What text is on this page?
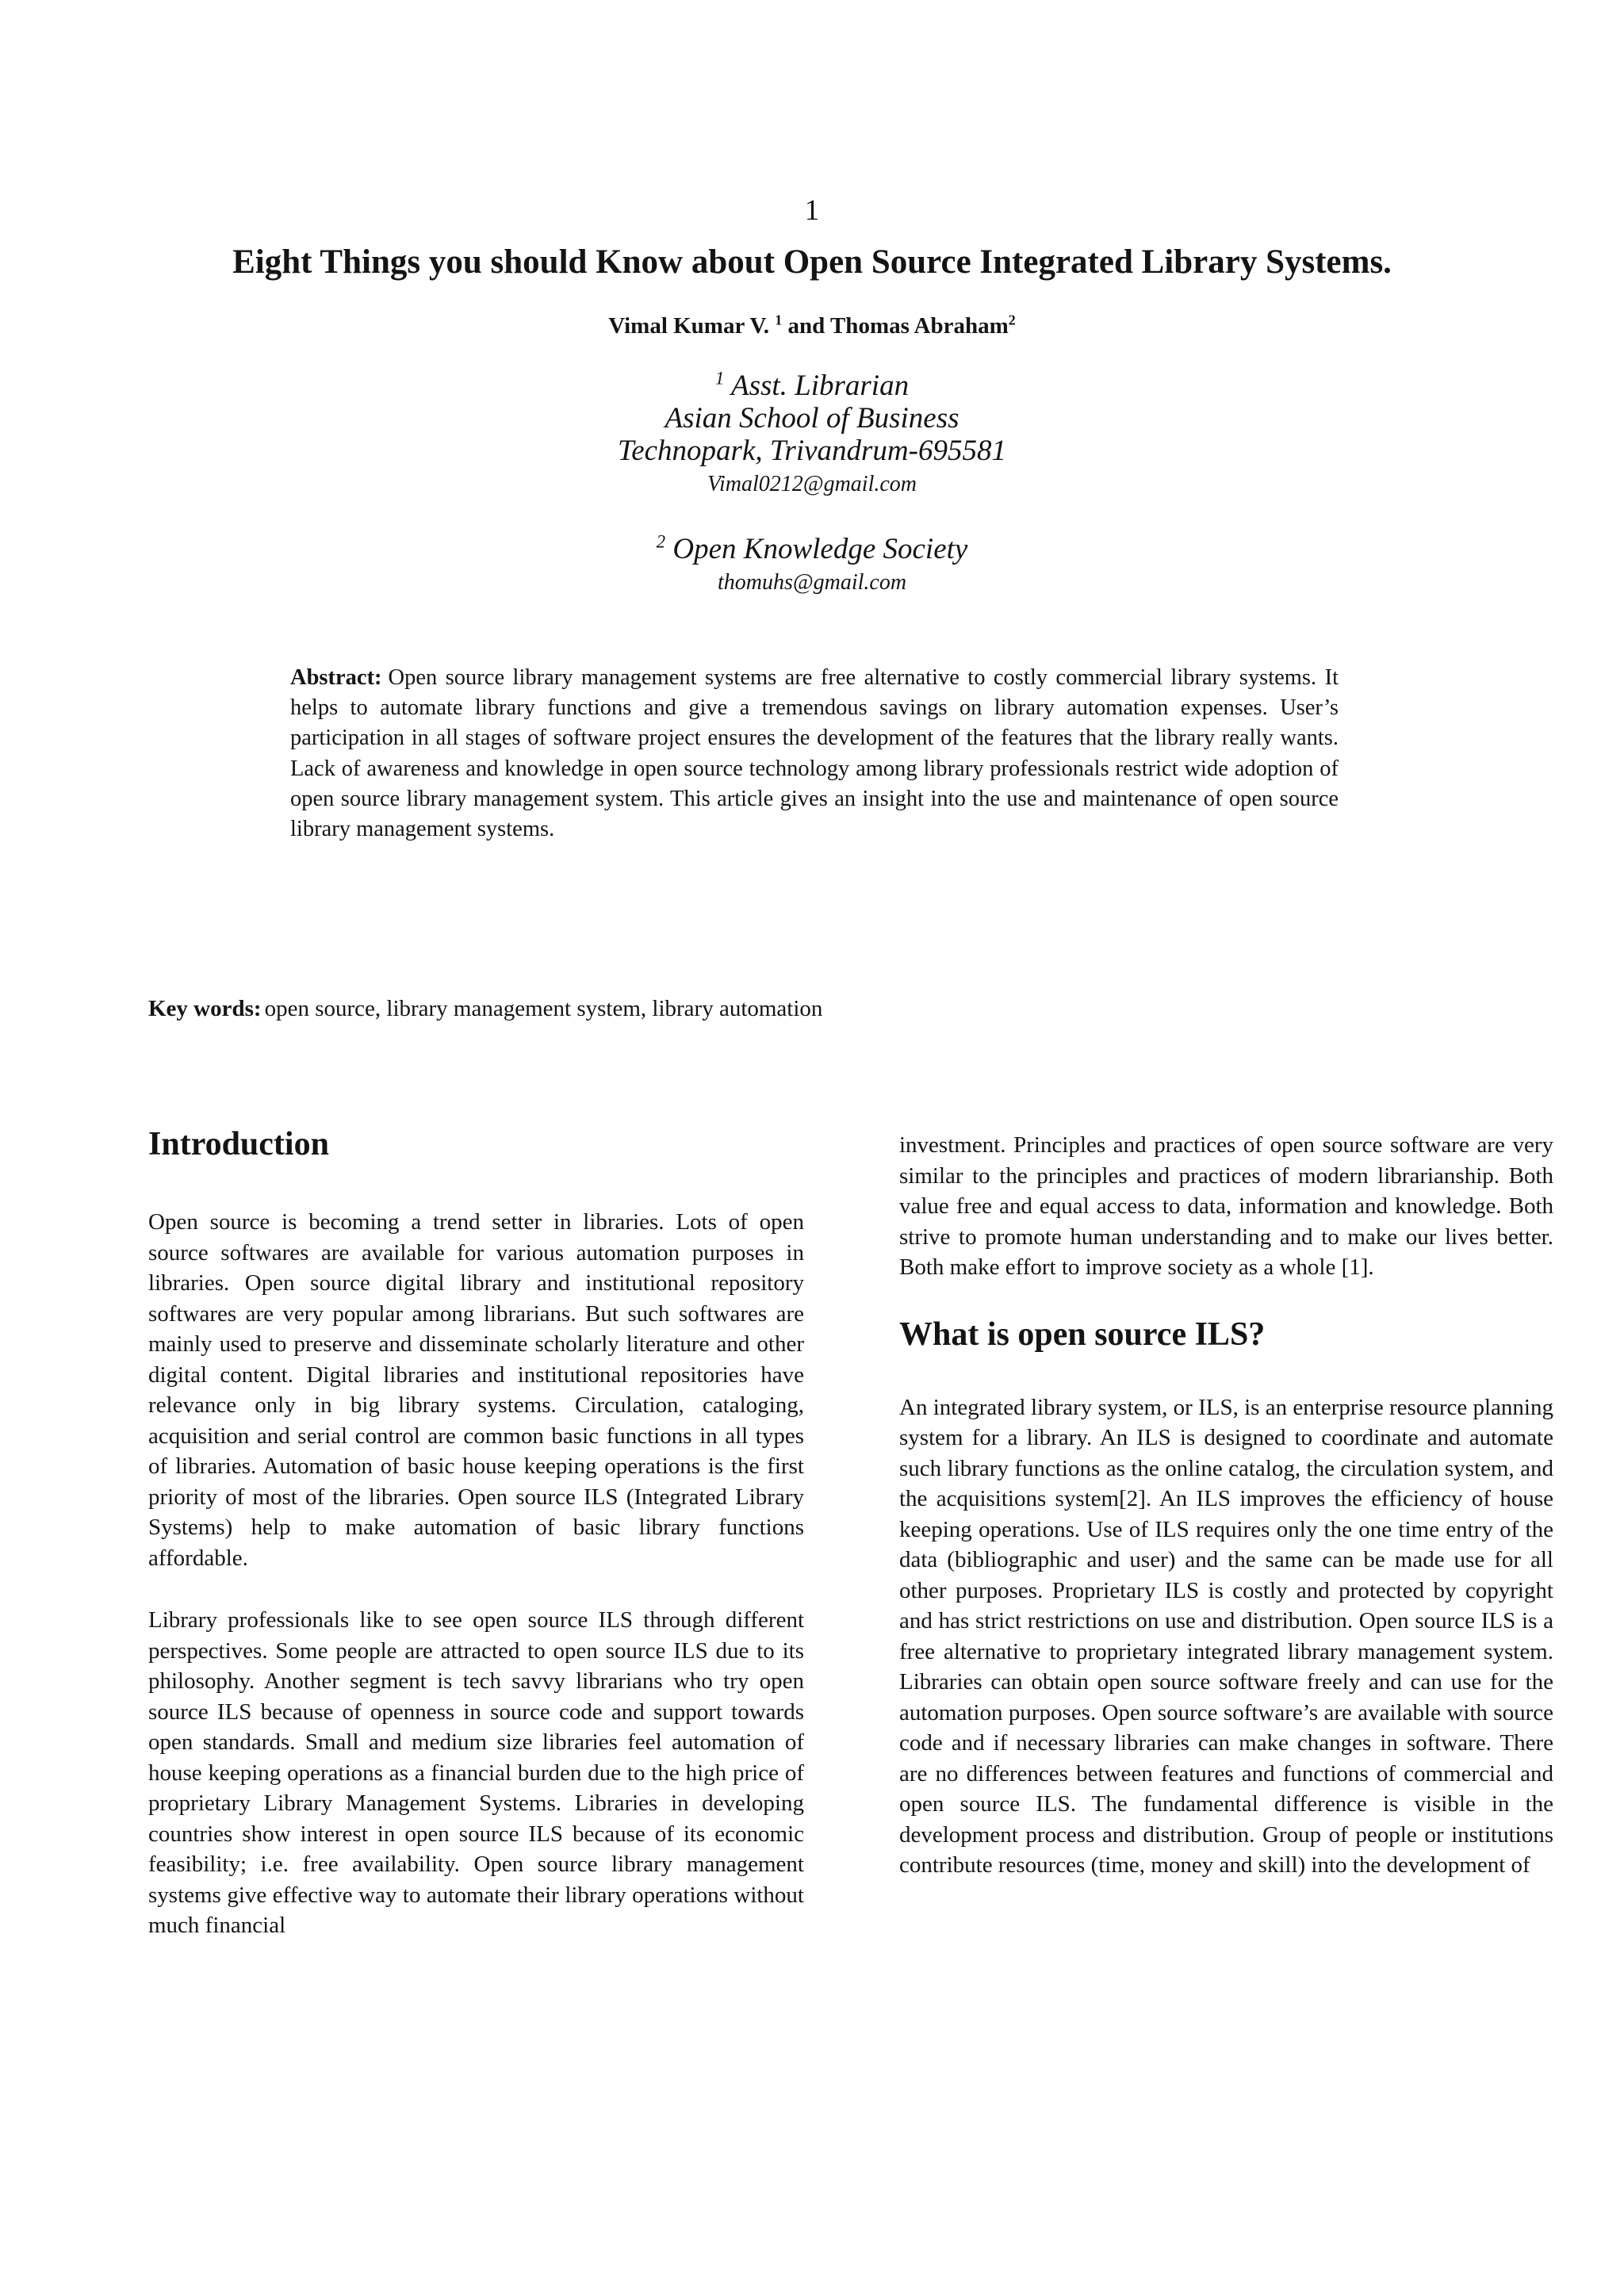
1
Eight Things you should Know about Open Source Integrated Library Systems.
Vimal Kumar V. $^1$ and Thomas Abraham$^2$
$^1$ Asst. Librarian
Asian School of Business
Technopark, Trivandrum-695581
Vimal0212@gmail.com
$^2$ Open Knowledge Society
thomuhs@gmail.com
Abstract: Open source library management systems are free alternative to costly commercial library systems. It helps to automate library functions and give a tremendous savings on library automation expenses. User’s participation in all stages of software project ensures the development of the features that the library really wants. Lack of awareness and knowledge in open source technology among library professionals restrict wide adoption of open source library management system. This article gives an insight into the use and maintenance of open source library management systems.
Key words: open source, library management system, library automation
Introduction

Open source is becoming a trend setter in libraries. Lots of open source softwares are available for various automation purposes in libraries. Open source digital library and institutional repository softwares are very popular among librarians. But such softwares are mainly used to preserve and disseminate scholarly literature and other digital content. Digital libraries and institutional repositories have relevance only in big library systems. Circulation, cataloging, acquisition and serial control are common basic functions in all types of libraries. Automation of basic house keeping operations is the first priority of most of the libraries. Open source ILS (Integrated Library Systems) help to make automation of basic library functions affordable.

Library professionals like to see open source ILS through different perspectives. Some people are attracted to open source ILS due to its philosophy. Another segment is tech savvy librarians who try open source ILS because of openness in source code and support towards open standards. Small and medium size libraries feel automation of house keeping operations as a financial burden due to the high price of proprietary Library Management Systems. Libraries in developing countries show interest in open source ILS because of its economic feasibility; i.e. free availability. Open source library management systems give effective way to automate their library operations without much financial

investment. Principles and practices of open source software are very similar to the principles and practices of modern librarianship. Both value free and equal access to data, information and knowledge. Both strive to promote human understanding and to make our lives better. Both make effort to improve society as a whole [1].

What is open source ILS?

An integrated library system, or ILS, is an enterprise resource planning system for a library. An ILS is designed to coordinate and automate such library functions as the online catalog, the circulation system, and the acquisitions system[2]. An ILS improves the efficiency of house keeping operations. Use of ILS requires only the one time entry of the data (bibliographic and user) and the same can be made use for all other purposes. Proprietary ILS is costly and protected by copyright and has strict restrictions on use and distribution. Open source ILS is a free alternative to proprietary integrated library management system. Libraries can obtain open source software freely and can use for the automation purposes. Open source software’s are available with source code and if necessary libraries can make changes in software. There are no differences between features and functions of commercial and open source ILS. The fundamental difference is visible in the development process and distribution. Group of people or institutions contribute resources (time, money and skill) into the development of
